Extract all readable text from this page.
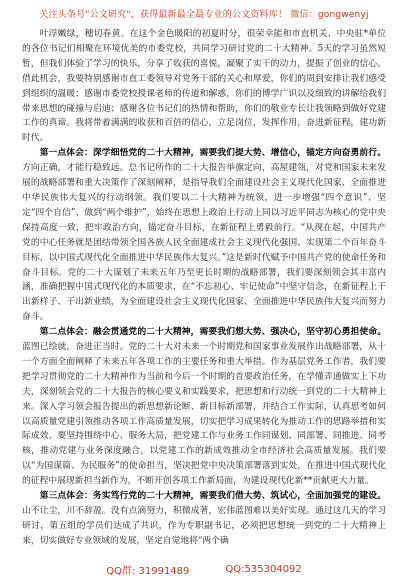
关注头条号"公文研究"，获得最新最全最专业的公文资料库！ 微信：gongwenyj

叶浮嫩绿，穗切春黄。在这个金色暖阳的初夏时分，很荣幸能和市直机关、中央驻*单位的各位书记们相聚在环境优美的市委党校，共同学习研讨党的二十大精神。5天的学习虽然短暂，但我们体验了学习的快乐，分享了收获的喜悦，凝聚了实干的动力，提振了创业的信心。借此机会，我要特别感谢市直工委领导对党务干部的关心和厚爱，你们的周到安排让我们感受到组织的温暖；感谢市委党校授课老师的传道和解惑，你们的博学广识以及细致的讲解给我们带来思想的碰撞与启迪；感谢各位书记们的热情和帮助，你们的敬业专长让我领略到做好党建工作的真谛。我将带着满满的收获和百倍的信心，立足岗位，发挥作用，奋进新征程，建功新时代。

第一点体会：深学细悟党的二十大精神，需要我们提大势、增信心，锚定方向奋勇前行。方向正确，才能行稳致远。总书记所作的二十大报告举旗定向，高屋建瓴，对党和国家未来发展的战略部署和重大决策作了深刻阐释，是指导我们全面建设社会主义现代化国家、全面推进中华民族伟大复兴的行动纲领。我们要以二十大精神为统领，进一步增强“四个意识”、坚定“四个自信”、做到“两个维护”，始终在思想上政治上行动上同以习近平同志为核心的党中央保持高度一致，把牢政治方向，锚定奋斗目标，在新征程上勇毅前行。“从现在起，中国共产党的中心任务就是团结带领全国各族人民全面建成社会主义现代化强国、实现第二个百年奋斗目标，以中国式现代化全面推进中华民族伟大复兴。”这是新时代赋予中国共产党的使命任务和奋斗目标。党的二十大谋划了未来五年乃至更长时期的战略部署，我们要深刻领会其丰富内涵，准确把握中国式现代化的本质要求，在“不忘初心、牢记使命”中坚守信念，在新征程上干出新样子、干出新业绩，为全面建设社会主义现代化国家、全面推进中华民族伟大复兴而努力奋斗。

第二点体会：融会贯通党的二十大精神，需要我们想大势、强决心，坚守初心勇担使命。蓝图已绘就，奋进正当时。党的二十大对未来一个时期党和国家事业发展作出战略部署，从十一个方面全面阐释了未来五年各项工作的主要任务和重大举措。作为基层党务工作者，我们要把学习贯彻党的二十大精神作为当前和今后一个时期的首要政治任务，在学懂弄通做实上下功夫，深刻领会党的二十大报告的核心要义和实践要求，把思想和行动统一到党的二十大精神上来。深入学习领会报告提出的新思想新论断、新目标新部署，并结合工作实际，认真思考如何以高质量党建引领推动各项工作高质量发展，切实把学习成果转化为推动工作的思路举措和实际成效。要坚持围绕中心、服务大局，把党建工作与业务工作同谋划、同部署、同推进、同考核，推动党建与业务深度融合，以党建工作的新成效推动全市经济社会高质量发展。我们要以“为国谋篇、为民服务”的使命担当，坚决把党中央决策部署落到实处，在推进中国式现代化的征程中展现新担当新作为，不断开创各项工作新局面，为建设现代化新**贡献更大力量。

第三点体会：务实笃行党的二十大精神，需要我们借大势、筑试心，全面加强党的建设。山不让尘，川不辞盈。没有点滴努力，积微成著，宏伟蓝图难以美好实现。通过这几天的学习研讨，第五组的学员们达成了共识，作为专职副书记，必须把思想统一到党的二十大精神上来，切实做好专业领域的发展，坚定自觉地将“两个确

QQ群: 31991489	QQ:535304092
